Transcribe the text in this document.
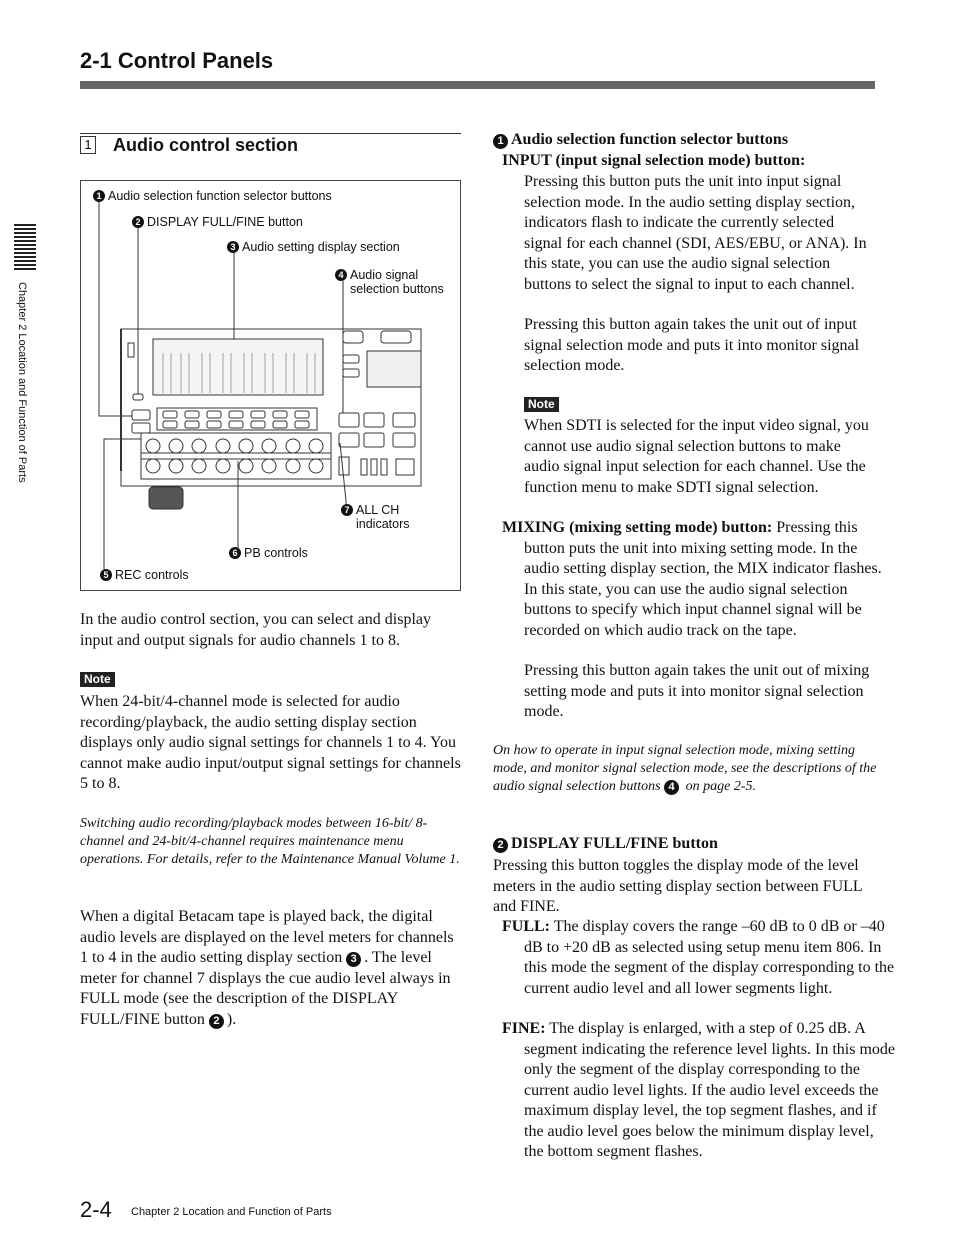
2-1 Control Panels
Chapter 2 Location and Function of Parts
1 Audio control section
1 Audio selection function selector buttons
2 DISPLAY FULL/FINE button
3 Audio setting display section
4 Audio signal
selection buttons
7 ALL CH
indicators
6 PB controls
5 REC controls
In the audio control section, you can select and display input and output signals for audio channels 1 to 8.
Note
When 24-bit/4-channel mode is selected for audio recording/playback, the audio setting display section displays only audio signal settings for channels 1 to 4. You cannot make audio input/output signal settings for channels 5 to 8.
Switching audio recording/playback modes between 16-bit/ 8-channel and 24-bit/4-channel requires maintenance menu operations. For details, refer to the Maintenance Manual Volume 1.
When a digital Betacam tape is played back, the digital audio levels are displayed on the level meters for channels 1 to 4 in the audio setting display section 3 . The level meter for channel 7 displays the cue audio level always in FULL mode (see the description of the DISPLAY FULL/FINE button 2 ).
1 Audio selection function selector buttons
INPUT (input signal selection mode) button:
Pressing this button puts the unit into input signal selection mode. In the audio setting display section, indicators flash to indicate the currently selected signal for each channel (SDI, AES/EBU, or ANA). In this state, you can use the audio signal selection buttons to select the signal to input to each channel.
Pressing this button again takes the unit out of input signal selection mode and puts it into monitor signal selection mode.
Note
When SDTI is selected for the input video signal, you cannot use audio signal selection buttons to make audio signal input selection for each channel. Use the function menu to make SDTI signal selection.
MIXING (mixing setting mode) button: Pressing this button puts the unit into mixing setting mode. In the audio setting display section, the MIX indicator flashes. In this state, you can use the audio signal selection buttons to specify which input channel signal will be recorded on which audio track on the tape.
Pressing this button again takes the unit out of mixing setting mode and puts it into monitor signal selection mode.
On how to operate in input signal selection mode, mixing setting mode, and monitor signal selection mode, see the descriptions of the audio signal selection buttons 4 on page 2-5.
2 DISPLAY FULL/FINE button
Pressing this button toggles the display mode of the level meters in the audio setting display section between FULL and FINE.
FULL: The display covers the range –60 dB to 0 dB or –40 dB to +20 dB as selected using setup menu item 806. In this mode the segment of the display corresponding to the current audio level and all lower segments light.
FINE: The display is enlarged, with a step of 0.25 dB. A segment indicating the reference level lights. In this mode only the segment of the display corresponding to the current audio level lights. If the audio level exceeds the maximum display level, the top segment flashes, and if the audio level goes below the minimum display level, the bottom segment flashes.
2-4 Chapter 2 Location and Function of Parts
